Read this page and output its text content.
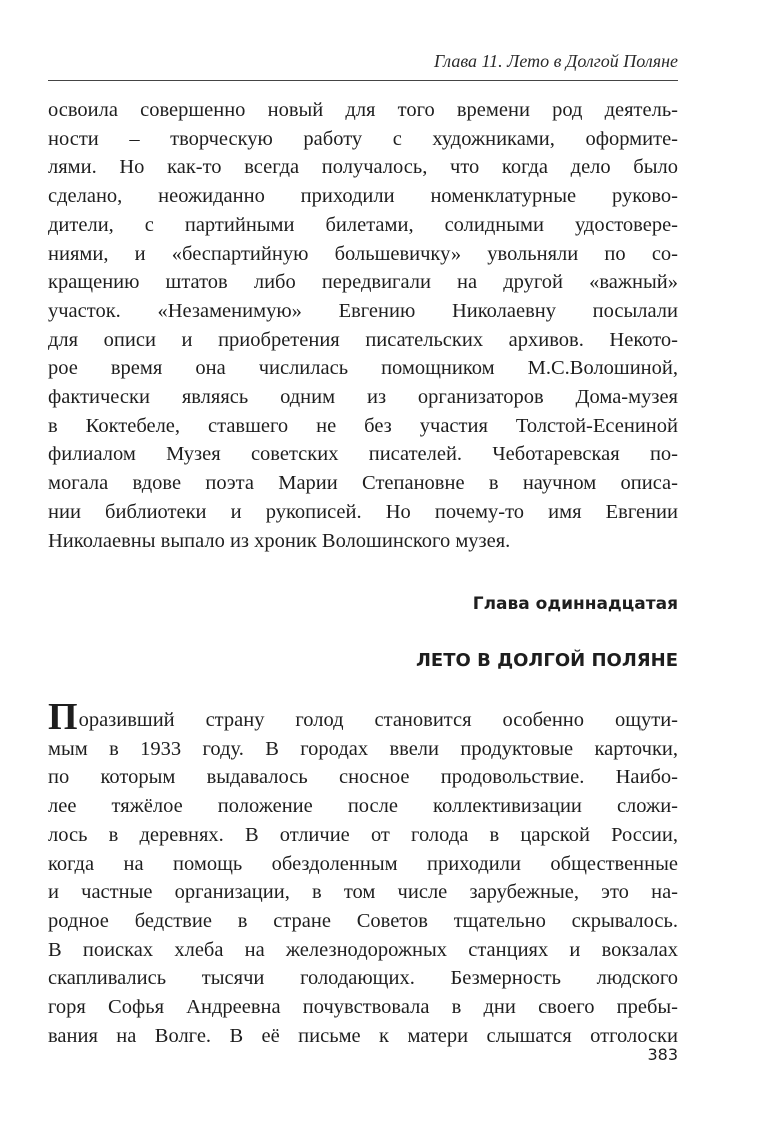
Глава 11. Лето в Долгой Поляне

освоила совершенно новый для того времени род деятель-
ности – творческую работу с художниками, оформите-
лями. Но как-то всегда получалось, что когда дело было
сделано, неожиданно приходили номенклатурные руково-
дители, с партийными билетами, солидными удостовере-
ниями, и «беспартийную большевичку» увольняли по со-
кращению штатов либо передвигали на другой «важный»
участок. «Незаменимую» Евгению Николаевну посылали
для описи и приобретения писательских архивов. Некото-
рое время она числилась помощником М.С.Волошиной,
фактически являясь одним из организаторов Дома-музея
в Коктебеле, ставшего не без участия Толстой-Есениной
филиалом Музея советских писателей. Чеботаревская по-
могала вдове поэта Марии Степановне в научном описа-
нии библиотеки и рукописей. Но почему-то имя Евгении
Николаевны выпало из хроник Волошинского музея.

Глава одиннадцатая
ЛЕТО В ДОЛГОЙ ПОЛЯНЕ

Поразивший страну голод становится особенно ощути-
мым в 1933 году. В городах ввели продуктовые карточки,
по которым выдавалось сносное продовольствие. Наибо-
лее тяжёлое положение после коллективизации сложи-
лось в деревнях. В отличие от голода в царской России,
когда на помощь обездоленным приходили общественные
и частные организации, в том числе зарубежные, это на-
родное бедствие в стране Советов тщательно скрывалось.
В поисках хлеба на железнодорожных станциях и вокзалах
скапливались тысячи голодающих. Безмерность людского
горя Софья Андреевна почувствовала в дни своего пребы-
вания на Волге. В её письме к матери слышатся отголоски

383
